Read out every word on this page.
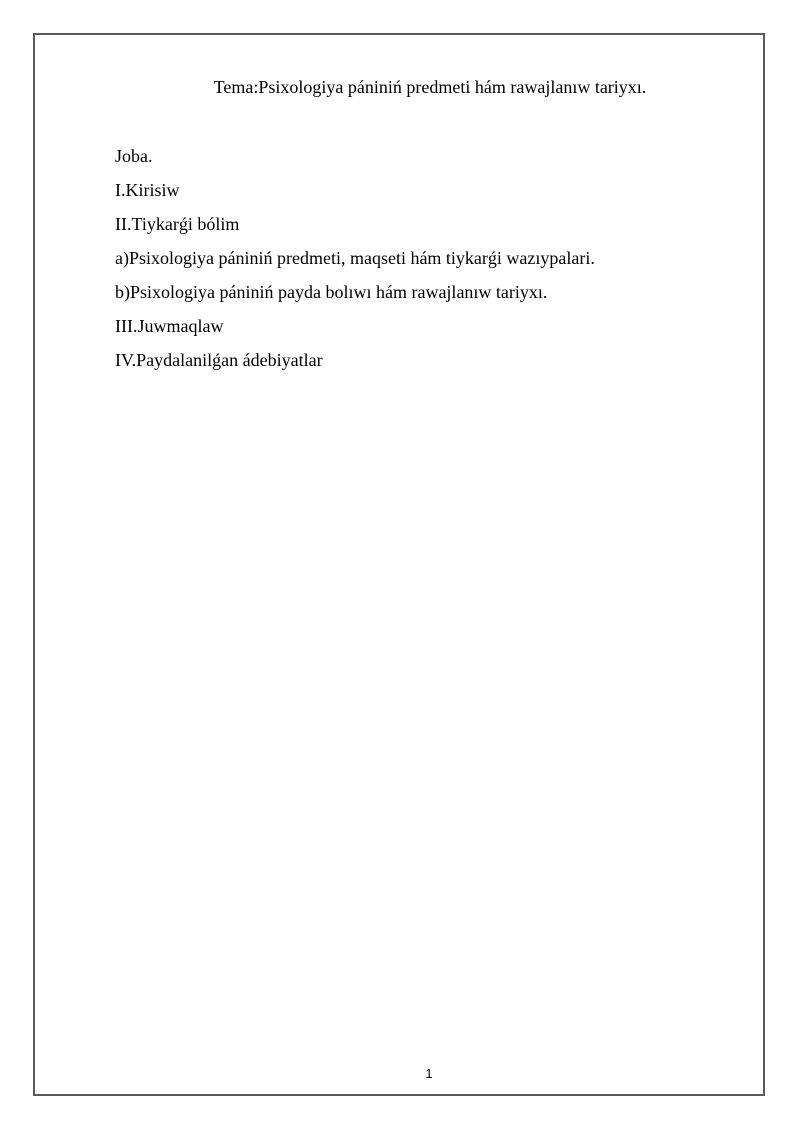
Tema:Psixologiya pániniń predmeti hám rawajlanıw tariyxı.
Joba.
I.Kirisiw
II.Tiykarǵi bólim
a)Psixologiya pániniń predmeti, maqseti hám tiykarǵi wazıypalari.
b)Psixologiya pániniń payda bolıwı hám rawajlanıw tariyxı.
III.Juwmaqlaw
IV.Paydalanilǵan ádebiyatlar
1
